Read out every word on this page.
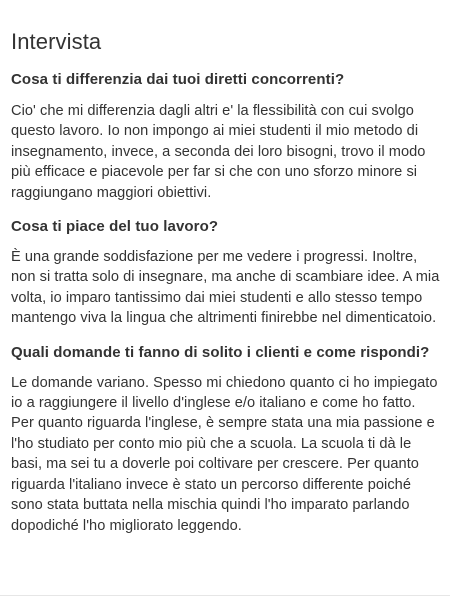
Intervista
Cosa ti differenzia dai tuoi diretti concorrenti?

Cio' che mi differenzia dagli altri e' la flessibilità con cui svolgo questo lavoro. Io non impongo ai miei studenti il mio metodo di insegnamento, invece, a seconda dei loro bisogni, trovo il modo più efficace e piacevole per far si che con uno sforzo minore si raggiungano maggiori obiettivi.

Cosa ti piace del tuo lavoro?

È una grande soddisfazione per me vedere i progressi. Inoltre, non si tratta solo di insegnare, ma anche di scambiare idee. A mia volta, io imparo tantissimo dai miei studenti e allo stesso tempo mantengo viva la lingua che altrimenti finirebbe nel dimenticatoio.

Quali domande ti fanno di solito i clienti e come rispondi?

Le domande variano. Spesso mi chiedono quanto ci ho impiegato io a raggiungere il livello d'inglese e/o italiano e come ho fatto. Per quanto riguarda l'inglese, è sempre stata una mia passione e l'ho studiato per conto mio più che a scuola. La scuola ti dà le basi, ma sei tu a doverle poi coltivare per crescere. Per quanto riguarda l'italiano invece è stato un percorso differente poiché sono stata buttata nella mischia quindi l'ho imparato parlando dopodiché l'ho migliorato leggendo.
